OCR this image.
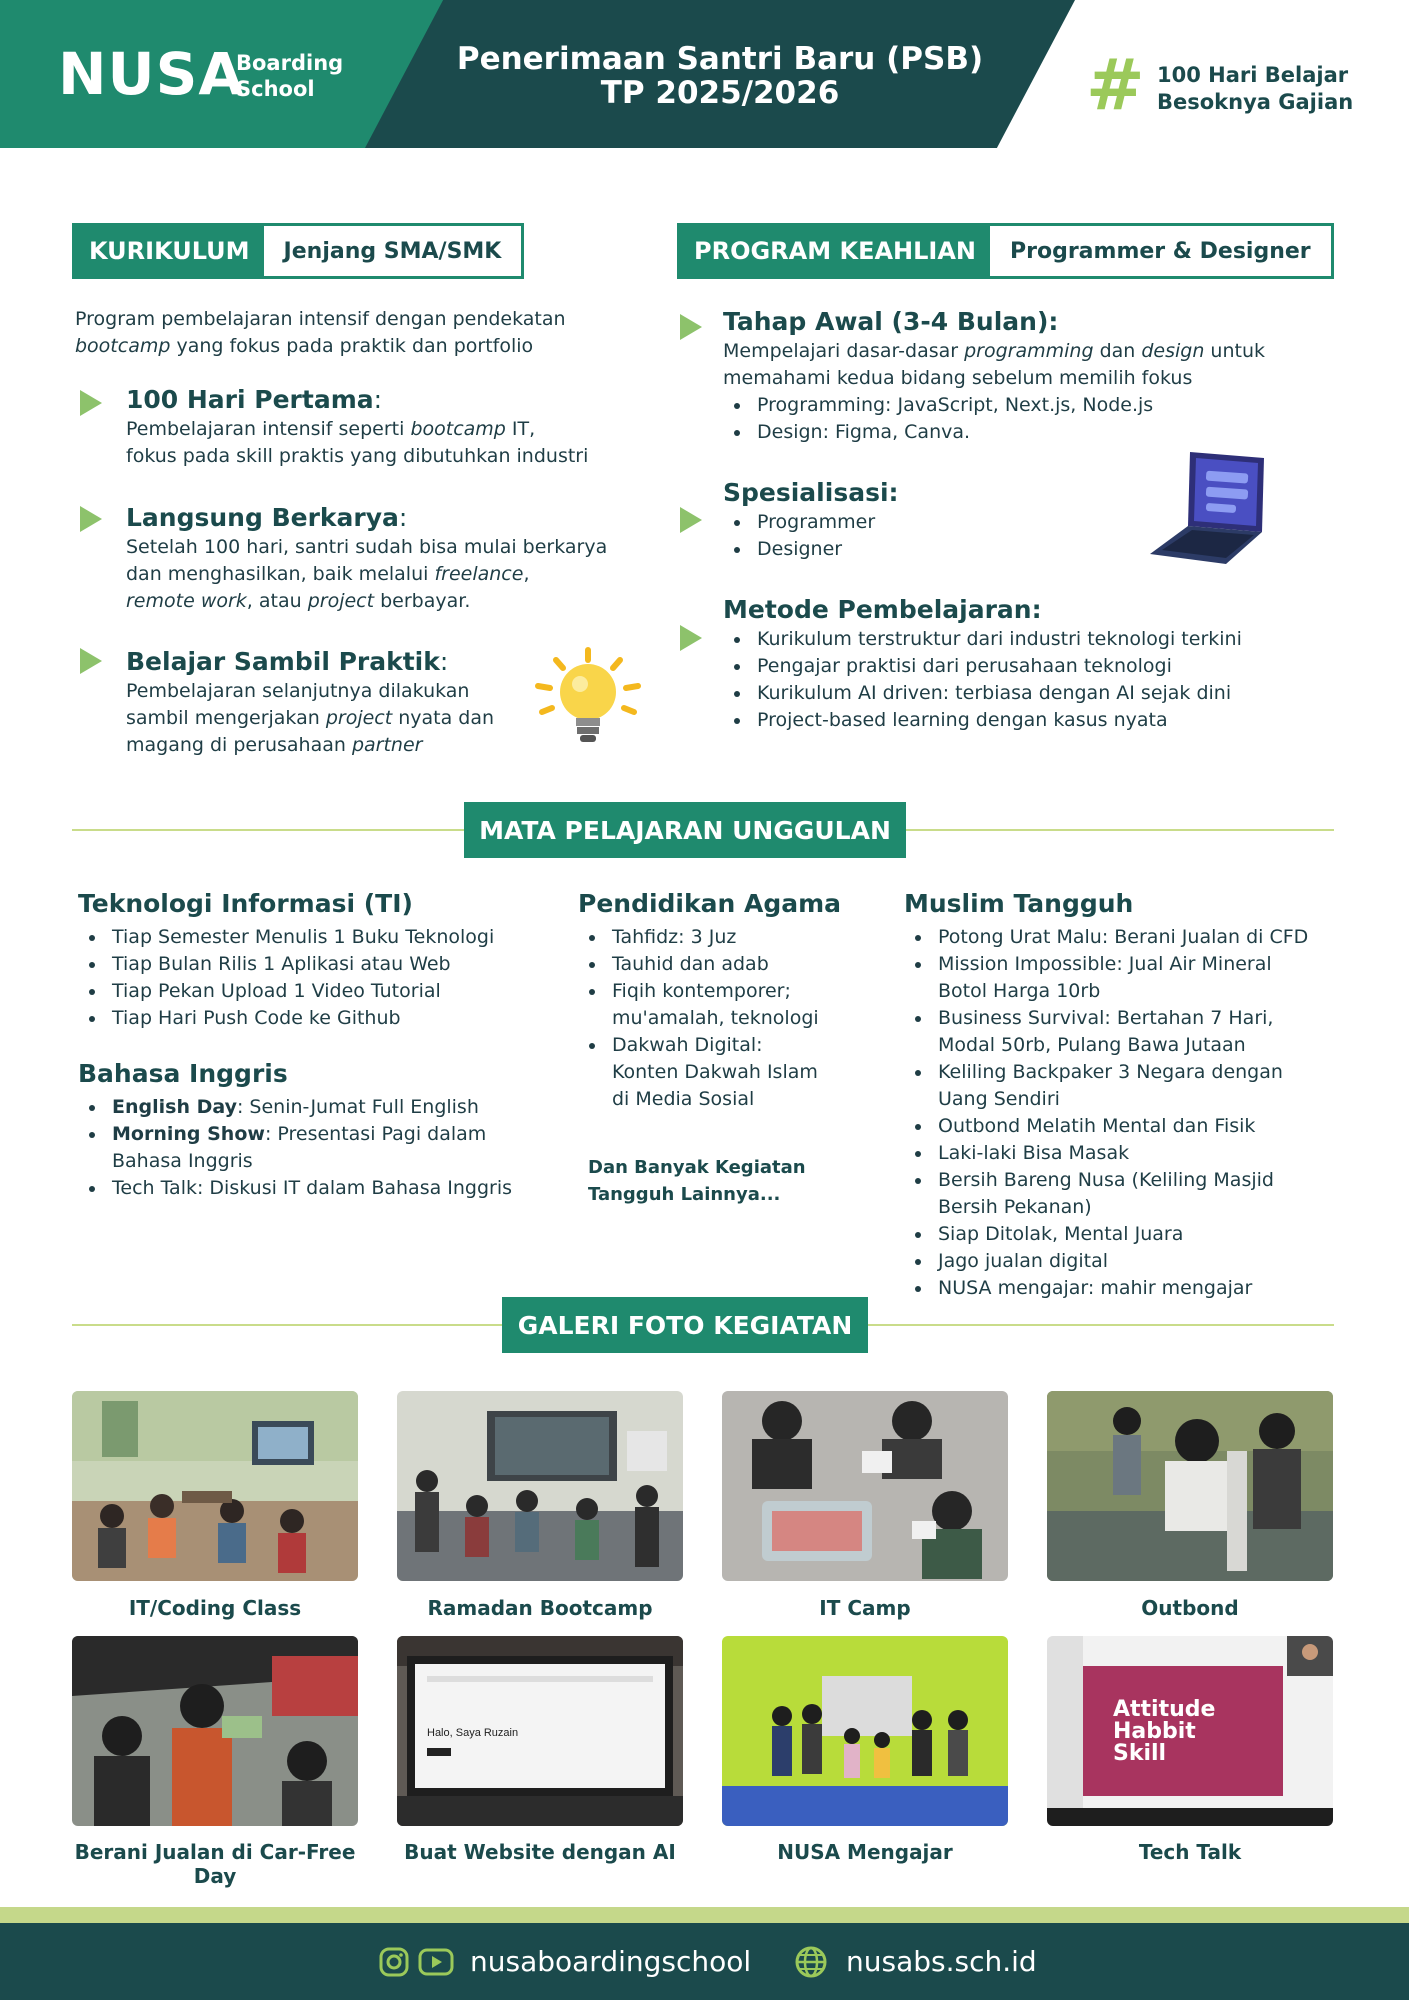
NUSA
Boarding
School
Penerimaan Santri Baru (PSB)
TP 2025/2026	# 100 Hari Belajar
Besoknya Gajian
KURIKULUM	Jenjang SMA/SMK
Program pembelajaran intensif dengan pendekatan
bootcamp yang fokus pada praktik dan portfolio
100 Hari Pertama:
Pembelajaran intensif seperti bootcamp IT,
fokus pada skill praktis yang dibutuhkan industri
Langsung Berkarya:
Setelah 100 hari, santri sudah bisa mulai berkarya
dan menghasilkan, baik melalui freelance,
remote work, atau project berbayar.
Belajar Sambil Praktik:
Pembelajaran selanjutnya dilakukan
sambil mengerjakan project nyata dan
magang di perusahaan partner
PROGRAM KEAHLIAN	Programmer & Designer
Tahap Awal (3-4 Bulan):
Mempelajari dasar-dasar programming dan design untuk
memahami kedua bidang sebelum memilih fokus
Programming: JavaScript, Next.js, Node.js
Design: Figma, Canva.
Spesialisasi:
Programmer
Designer
Metode Pembelajaran:
Kurikulum terstruktur dari industri teknologi terkini
Pengajar praktisi dari perusahaan teknologi
Kurikulum AI driven: terbiasa dengan AI sejak dini
Project-based learning dengan kasus nyata
MATA PELAJARAN UNGGULAN
Teknologi Informasi (TI)
Tiap Semester Menulis 1 Buku Teknologi
Tiap Bulan Rilis 1 Aplikasi atau Web
Tiap Pekan Upload 1 Video Tutorial
Tiap Hari Push Code ke Github
Bahasa Inggris
English Day: Senin-Jumat Full English
Morning Show: Presentasi Pagi dalam
Bahasa Inggris
Tech Talk: Diskusi IT dalam Bahasa Inggris
Pendidikan Agama
Tahfidz: 3 Juz
Tauhid dan adab
Fiqih kontemporer;
mu'amalah, teknologi
Dakwah Digital:
Konten Dakwah Islam
di Media Sosial
Dan Banyak Kegiatan
Tangguh Lainnya...
Muslim Tangguh
Potong Urat Malu: Berani Jualan di CFD
Mission Impossible: Jual Air Mineral
Botol Harga 10rb
Business Survival: Bertahan 7 Hari,
Modal 50rb, Pulang Bawa Jutaan
Keliling Backpaker 3 Negara dengan
Uang Sendiri
Outbond Melatih Mental dan Fisik
Laki-laki Bisa Masak
Bersih Bareng Nusa (Keliling Masjid
Bersih Pekanan)
Siap Ditolak, Mental Juara
Jago jualan digital
NUSA mengajar: mahir mengajar
GALERI FOTO KEGIATAN
IT/Coding Class	Ramadan Bootcamp	IT Camp	Outbond
Halo, Saya Ruzain
Attitude
Habbit
Skill
Berani Jualan di Car-Free Day
Buat Website dengan AI	NUSA Mengajar	Tech Talk
nusaboardingschool	nusabs.sch.id
